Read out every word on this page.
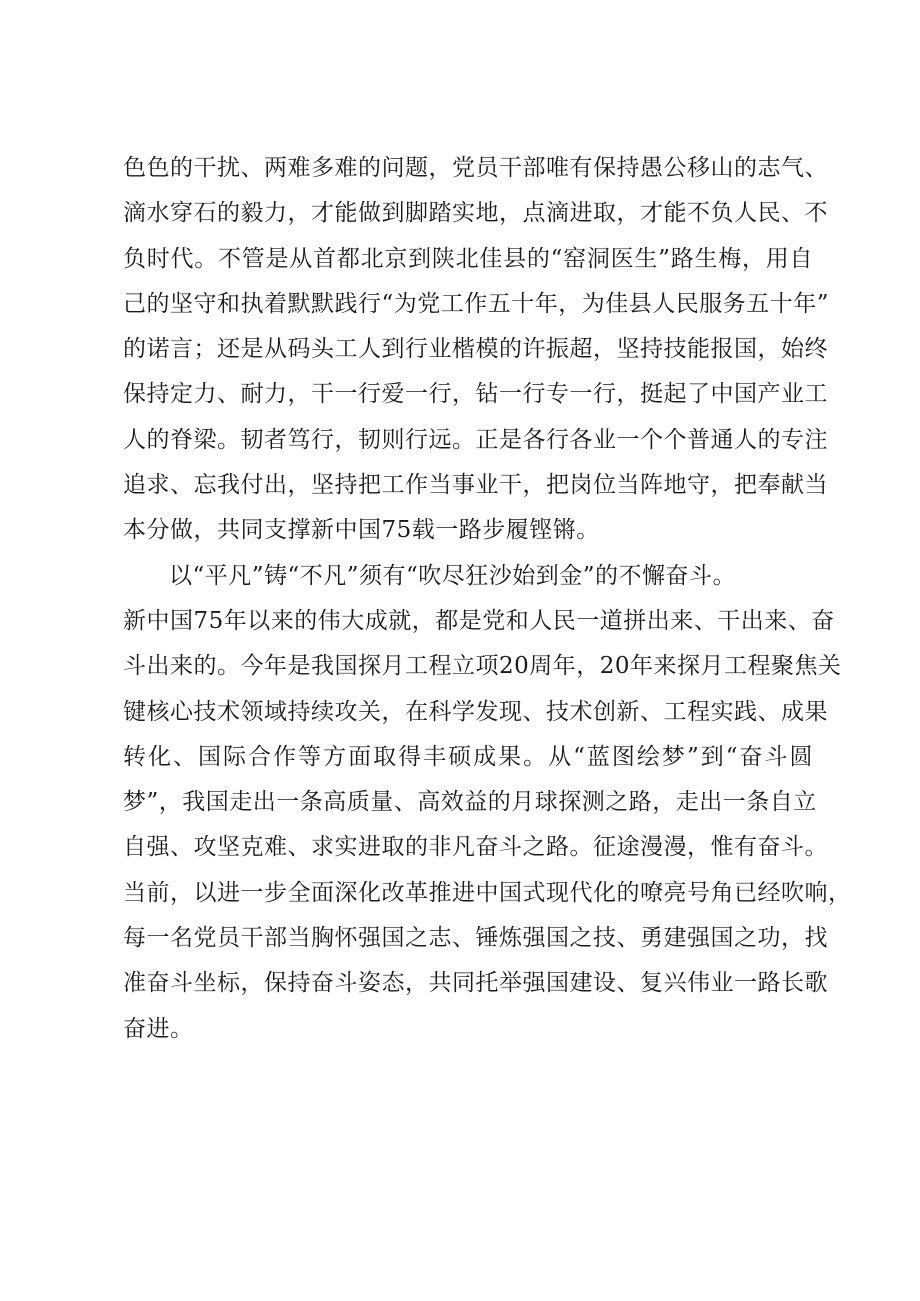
色色的干扰、两难多难的问题，党员干部唯有保持愚公移山的志气、
滴水穿石的毅力，才能做到脚踏实地，点滴进取，才能不负人民、不
负时代。不管是从首都北京到陕北佳县的“窑洞医生”路生梅，用自
己的坚守和执着默默践行“为党工作五十年，为佳县人民服务五十年”
的诺言；还是从码头工人到行业楷模的许振超，坚持技能报国，始终
保持定力、耐力，干一行爱一行，钻一行专一行，挺起了中国产业工
人的脊梁。韧者笃行，韧则行远。正是各行各业一个个普通人的专注
追求、忘我付出，坚持把工作当事业干，把岗位当阵地守，把奉献当
本分做，共同支撑新中国75载一路步履铿锵。
以“平凡”铸“不凡”须有“吹尽狂沙始到金”的不懈奋斗。
新中国75年以来的伟大成就，都是党和人民一道拼出来、干出来、奋
斗出来的。今年是我国探月工程立项20周年，20年来探月工程聚焦关
键核心技术领域持续攻关，在科学发现、技术创新、工程实践、成果
转化、国际合作等方面取得丰硕成果。从“蓝图绘梦”到“奋斗圆
梦”，我国走出一条高质量、高效益的月球探测之路，走出一条自立
自强、攻坚克难、求实进取的非凡奋斗之路。征途漫漫，惟有奋斗。
当前，以进一步全面深化改革推进中国式现代化的嘹亮号角已经吹响，
每一名党员干部当胸怀强国之志、锤炼强国之技、勇建强国之功，找
准奋斗坐标，保持奋斗姿态，共同托举强国建设、复兴伟业一路长歌
奋进。
